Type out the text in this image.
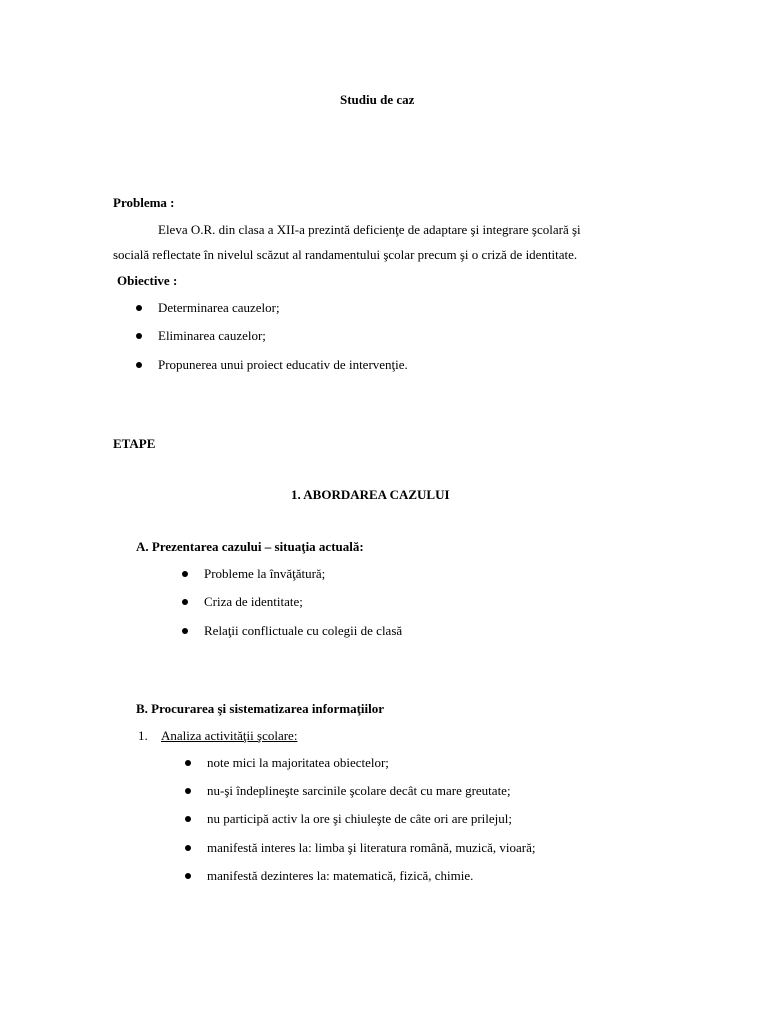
Studiu de caz
Problema :
Eleva O.R. din clasa a XII-a prezintă deficienţe de adaptare şi integrare şcolară şi
socială reflectate în nivelul scăzut al randamentului şcolar precum şi o criză de identitate.
Obiective :
Determinarea cauzelor;
Eliminarea cauzelor;
Propunerea unui proiect educativ de intervenţie.
ETAPE
1. ABORDAREA CAZULUI
A. Prezentarea cazului – situaţia actuală:
Probleme la învăţătură;
Criza de identitate;
Relaţii conflictuale cu colegii de clasă
B. Procurarea şi sistematizarea informaţiilor
1. Analiza activităţii şcolare:
note mici la majoritatea obiectelor;
nu-şi îndeplineşte sarcinile şcolare decât cu mare greutate;
nu participă activ la ore şi chiuleşte de câte ori are prilejul;
manifestă interes la: limba şi literatura română, muzică, vioară;
manifestă dezinteres la: matematică, fizică, chimie.
